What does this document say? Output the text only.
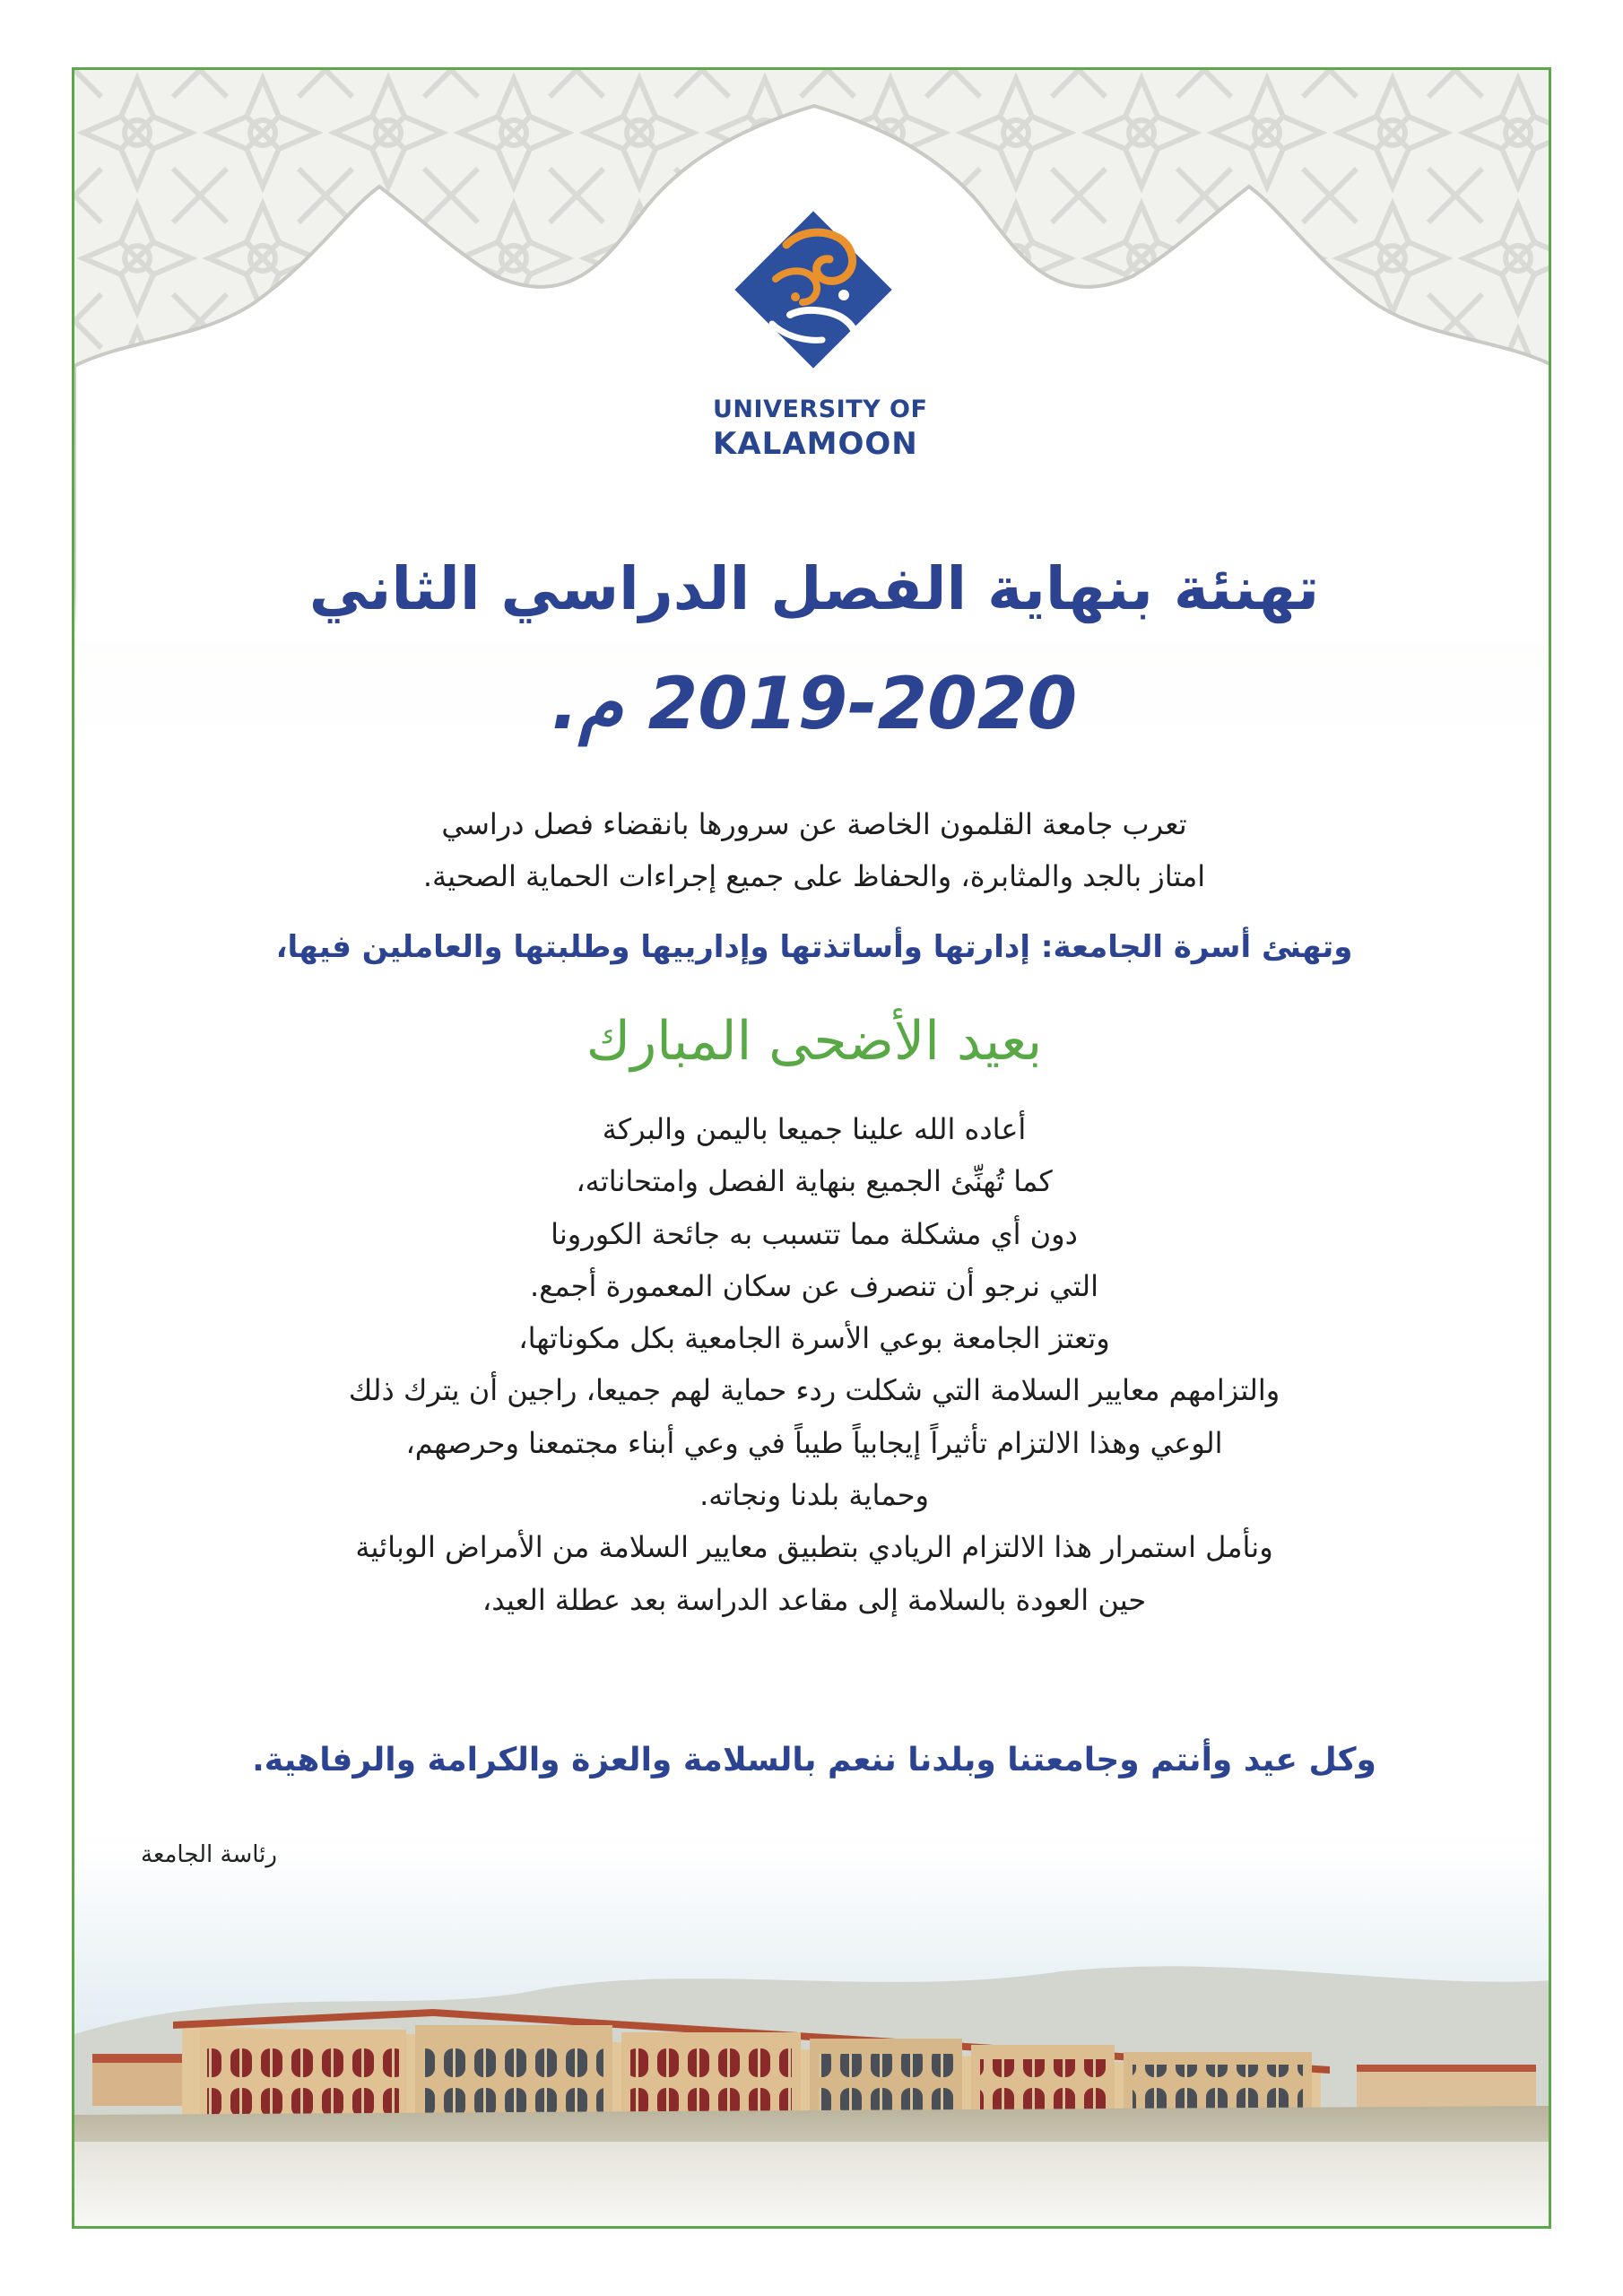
UNIVERSITY OF
KALAMOON
تهنئة بنهاية الفصل الدراسي الثاني
2019-2020 م.
تعرب جامعة القلمون الخاصة عن سرورها بانقضاء فصل دراسي
امتاز بالجد والمثابرة، والحفاظ على جميع إجراءات الحماية الصحية.
وتهنئ أسرة الجامعة: إدارتها وأساتذتها وإدارييها وطلبتها والعاملين فيها،
بعيد الأضحى المبارك
أعاده الله علينا جميعا باليمن والبركة
كما تُهنِّئ الجميع بنهاية الفصل وامتحاناته،
دون أي مشكلة مما تتسبب به جائحة الكورونا
التي نرجو أن تنصرف عن سكان المعمورة أجمع.
وتعتز الجامعة بوعي الأسرة الجامعية بكل مكوناتها،
والتزامهم معايير السلامة التي شكلت ردء حماية لهم جميعا، راجين أن يترك ذلك
الوعي وهذا الالتزام تأثيراً إيجابياً طيباً في وعي أبناء مجتمعنا وحرصهم،
وحماية بلدنا ونجاته.
ونأمل استمرار هذا الالتزام الريادي بتطبيق معايير السلامة من الأمراض الوبائية
حين العودة بالسلامة إلى مقاعد الدراسة بعد عطلة العيد،
وكل عيد وأنتم وجامعتنا وبلدنا ننعم بالسلامة والعزة والكرامة والرفاهية.
رئاسة الجامعة
